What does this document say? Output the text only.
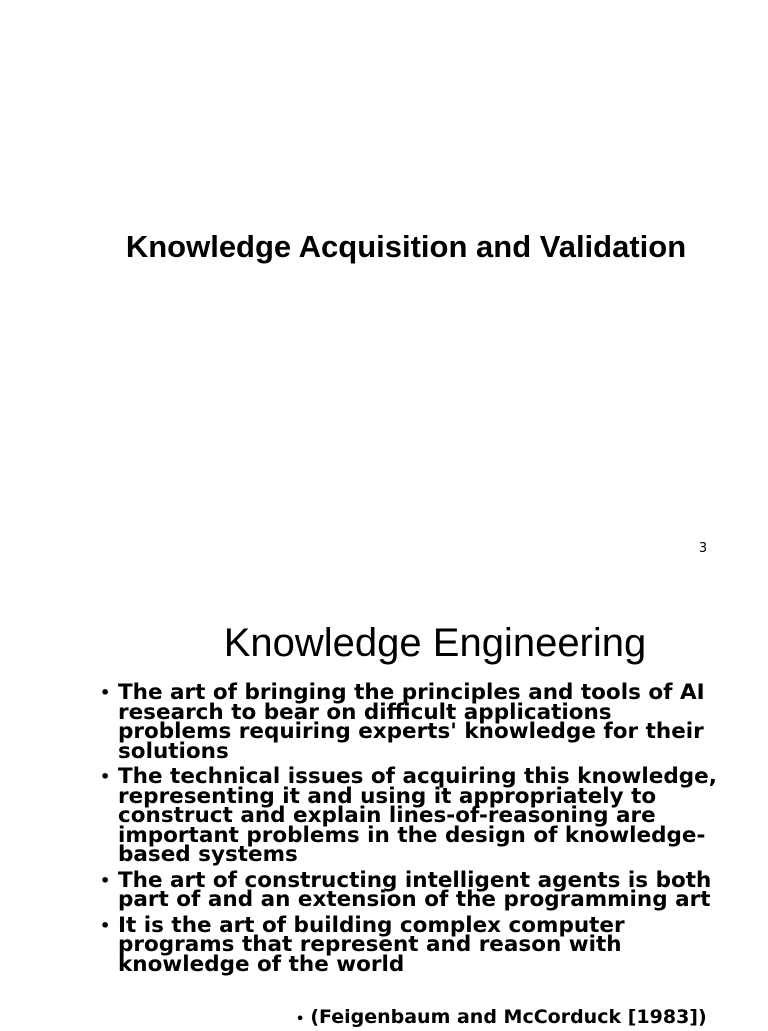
Knowledge Acquisition and Validation
3
Knowledge Engineering
• The art of bringing the principles and tools of AI research to bear on difficult applications problems requiring experts' knowledge for their solutions
• The technical issues of acquiring this knowledge, representing it and using it appropriately to construct and explain lines-of-reasoning are important problems in the design of knowledge-based systems
• The art of constructing intelligent agents is both part of and an extension of the programming art
• It is the art of building complex computer programs that represent and reason with knowledge of the world
• (Feigenbaum and McCorduck [1983])
